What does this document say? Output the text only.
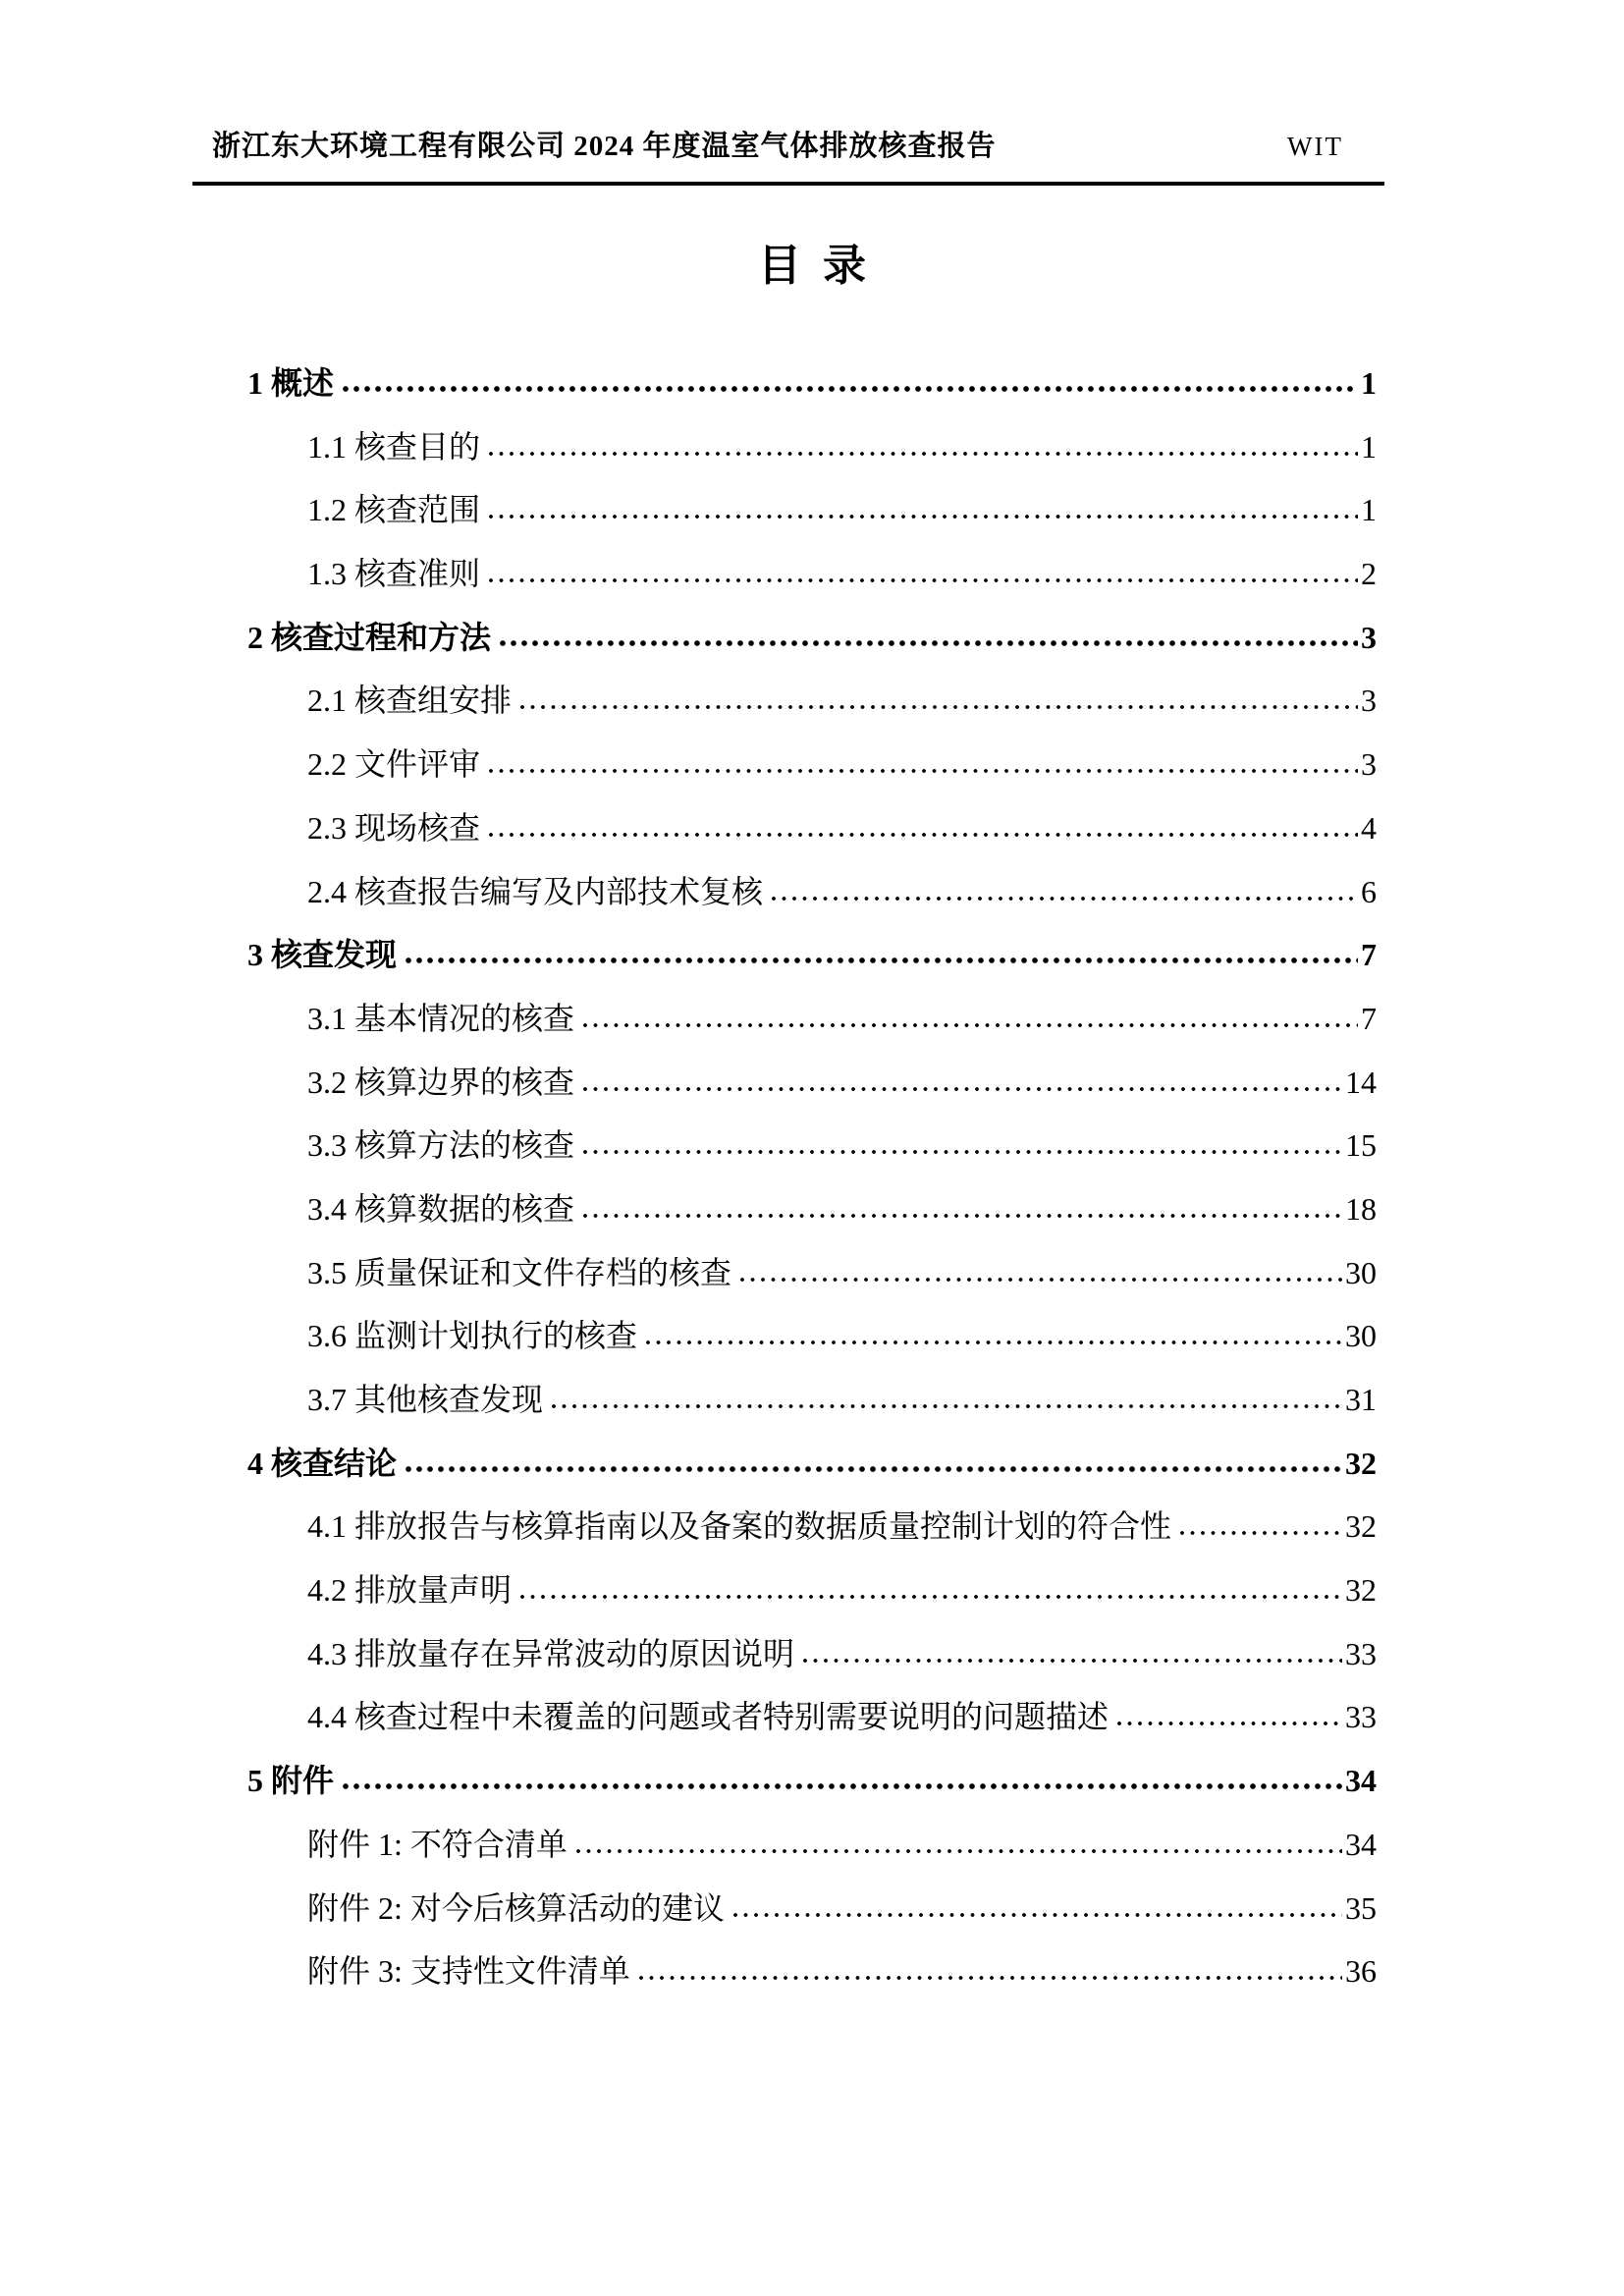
浙江东大环境工程有限公司 2024 年度温室气体排放核查报告	WIT
目  录
1 概述	1
1.1 核查目的	1
1.2 核查范围	1
1.3 核查准则	2
2 核查过程和方法	3
2.1 核查组安排	3
2.2 文件评审	3
2.3 现场核查	4
2.4 核查报告编写及内部技术复核	6
3 核查发现	7
3.1 基本情况的核查	7
3.2 核算边界的核查	14
3.3 核算方法的核查	15
3.4 核算数据的核查	18
3.5 质量保证和文件存档的核查	30
3.6 监测计划执行的核查	30
3.7 其他核查发现	31
4 核查结论	32
4.1 排放报告与核算指南以及备案的数据质量控制计划的符合性	32
4.2 排放量声明	32
4.3 排放量存在异常波动的原因说明	33
4.4 核查过程中未覆盖的问题或者特别需要说明的问题描述	33
5 附件	34
附件 1: 不符合清单	34
附件 2: 对今后核算活动的建议	35
附件 3: 支持性文件清单	36
